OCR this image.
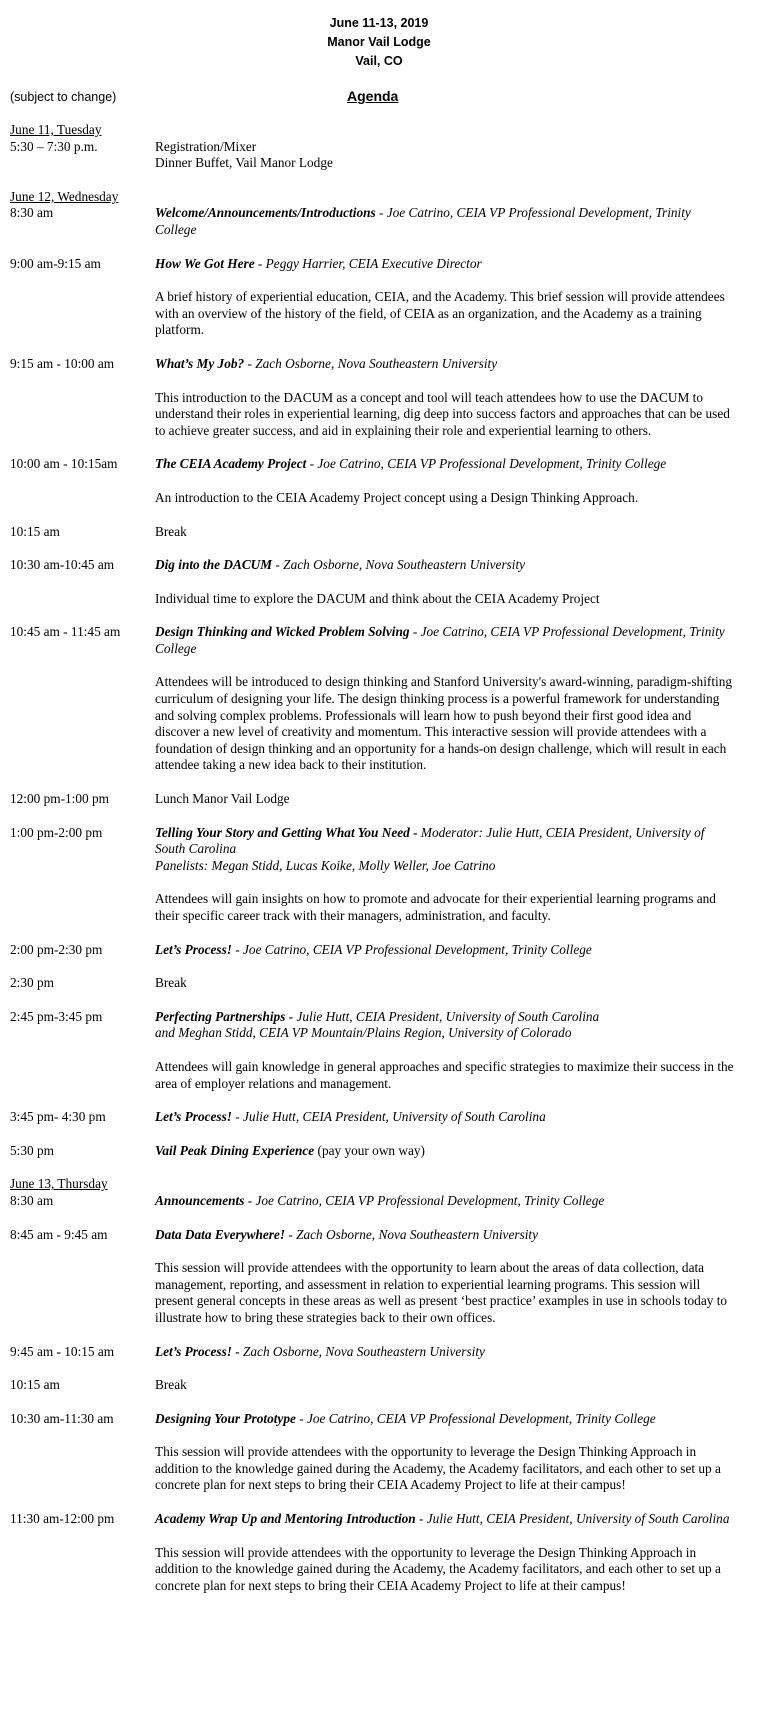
June 11-13, 2019
Manor Vail Lodge
Vail, CO
(subject to change)	Agenda
June 11, Tuesday
5:30 – 7:30 p.m.	Registration/Mixer
Dinner Buffet, Vail Manor Lodge
June 12, Wednesday
8:30 am	Welcome/Announcements/Introductions - Joe Catrino, CEIA VP Professional Development, Trinity College
9:00 am-9:15 am	How We Got Here - Peggy Harrier, CEIA Executive Director
A brief history of experiential education, CEIA, and the Academy. This brief session will provide attendees with an overview of the history of the field, of CEIA as an organization, and the Academy as a training platform.
9:15 am - 10:00 am	What’s My Job? - Zach Osborne, Nova Southeastern University
This introduction to the DACUM as a concept and tool will teach attendees how to use the DACUM to understand their roles in experiential learning, dig deep into success factors and approaches that can be used to achieve greater success, and aid in explaining their role and experiential learning to others.
10:00 am - 10:15am	The CEIA Academy Project - Joe Catrino, CEIA VP Professional Development, Trinity College
An introduction to the CEIA Academy Project concept using a Design Thinking Approach.
10:15 am	Break
10:30 am-10:45 am	Dig into the DACUM - Zach Osborne, Nova Southeastern University
Individual time to explore the DACUM and think about the CEIA Academy Project
10:45 am - 11:45 am	Design Thinking and Wicked Problem Solving - Joe Catrino, CEIA VP Professional Development, Trinity College
Attendees will be introduced to design thinking and Stanford University's award-winning, paradigm-shifting curriculum of designing your life. The design thinking process is a powerful framework for understanding and solving complex problems. Professionals will learn how to push beyond their first good idea and discover a new level of creativity and momentum. This interactive session will provide attendees with a foundation of design thinking and an opportunity for a hands-on design challenge, which will result in each attendee taking a new idea back to their institution.
12:00 pm-1:00 pm	Lunch Manor Vail Lodge
1:00 pm-2:00 pm	Telling Your Story and Getting What You Need - Moderator: Julie Hutt, CEIA President, University of South Carolina
Panelists: Megan Stidd, Lucas Koike, Molly Weller, Joe Catrino
Attendees will gain insights on how to promote and advocate for their experiential learning programs and their specific career track with their managers, administration, and faculty.
2:00 pm-2:30 pm	Let’s Process! - Joe Catrino, CEIA VP Professional Development, Trinity College
2:30 pm	Break
2:45 pm-3:45 pm	Perfecting Partnerships - Julie Hutt, CEIA President, University of South Carolina
and Meghan Stidd, CEIA VP Mountain/Plains Region, University of Colorado
Attendees will gain knowledge in general approaches and specific strategies to maximize their success in the area of employer relations and management.
3:45 pm- 4:30 pm	Let’s Process! - Julie Hutt, CEIA President, University of South Carolina
5:30 pm	Vail Peak Dining Experience (pay your own way)
June 13, Thursday
8:30 am	Announcements - Joe Catrino, CEIA VP Professional Development, Trinity College
8:45 am - 9:45 am	Data Data Everywhere! - Zach Osborne, Nova Southeastern University
This session will provide attendees with the opportunity to learn about the areas of data collection, data management, reporting, and assessment in relation to experiential learning programs. This session will present general concepts in these areas as well as present ‘best practice’ examples in use in schools today to illustrate how to bring these strategies back to their own offices.
9:45 am - 10:15 am	Let’s Process! - Zach Osborne, Nova Southeastern University
10:15 am	Break
10:30 am-11:30 am	Designing Your Prototype - Joe Catrino, CEIA VP Professional Development, Trinity College
This session will provide attendees with the opportunity to leverage the Design Thinking Approach in addition to the knowledge gained during the Academy, the Academy facilitators, and each other to set up a concrete plan for next steps to bring their CEIA Academy Project to life at their campus!
11:30 am-12:00 pm	Academy Wrap Up and Mentoring Introduction - Julie Hutt, CEIA President, University of South Carolina
This session will provide attendees with the opportunity to leverage the Design Thinking Approach in addition to the knowledge gained during the Academy, the Academy facilitators, and each other to set up a concrete plan for next steps to bring their CEIA Academy Project to life at their campus!
